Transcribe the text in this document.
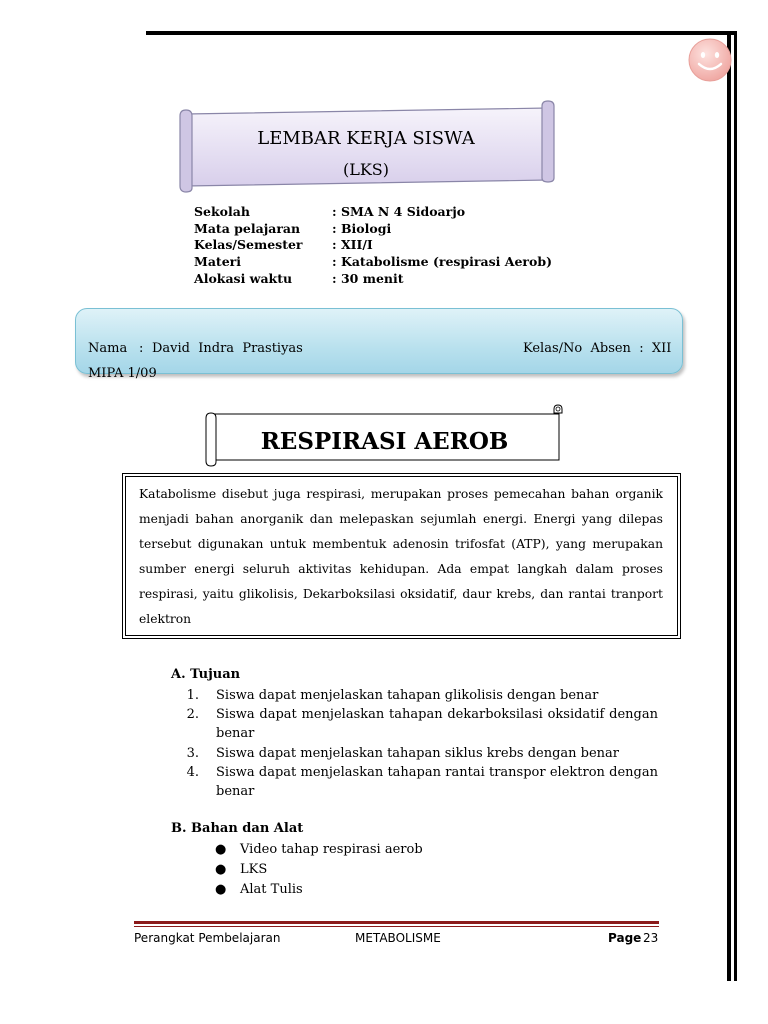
LEMBAR KERJA SISWA
(LKS)
Sekolah	: SMA N 4 Sidoarjo
Mata pelajaran	: Biologi
Kelas/Semester : XII/I
Materi	: Katabolisme (respirasi Aerob)
Alokasi waktu	: 30 menit
Nama : David  Indra  Prastiyas	Kelas/No  Absen  :  XII
MIPA 1/09
RESPIRASI AEROB
Katabolisme disebut juga respirasi, merupakan proses pemecahan bahan organik menjadi bahan anorganik dan melepaskan sejumlah energi. Energi yang dilepas tersebut digunakan untuk membentuk adenosin trifosfat (ATP), yang merupakan sumber energi seluruh aktivitas kehidupan. Ada empat langkah dalam proses respirasi, yaitu glikolisis, Dekarboksilasi oksidatif, daur krebs, dan rantai tranport elektron
A. Tujuan
1. Siswa dapat menjelaskan tahapan glikolisis dengan benar
2. Siswa dapat menjelaskan tahapan dekarboksilasi oksidatif dengan benar
3. Siswa dapat menjelaskan tahapan siklus krebs dengan benar
4. Siswa dapat menjelaskan tahapan rantai transpor elektron dengan benar
B. Bahan dan Alat
● Video tahap respirasi aerob
● LKS
● Alat Tulis
Perangkat Pembelajaran	METABOLISME	Page 23
